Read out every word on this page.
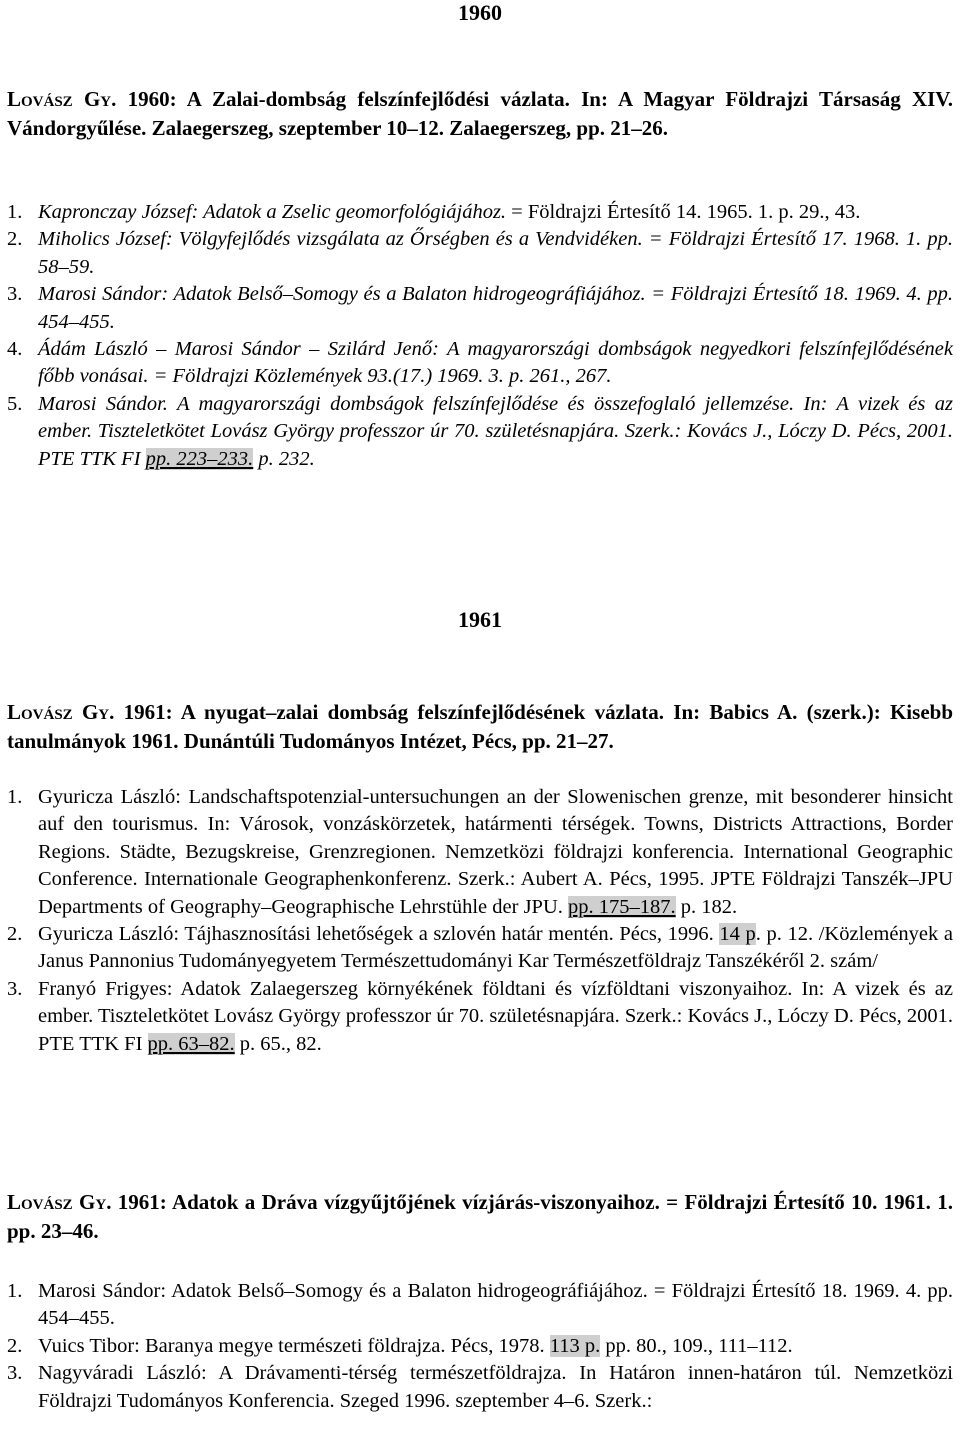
1960

Lovász Gy. 1960: A Zalai-dombság felszínfejlődési vázlata. In: A Magyar Földrajzi Társaság XIV. Vándorgyűlése. Zalaegerszeg, szeptember 10–12. Zalaegerszeg, pp. 21–26.

1. Kapronczay József: Adatok a Zselic geomorfológiájához. = Földrajzi Értesítő 14. 1965. 1. p. 29., 43.
2. Miholics József: Völgyfejlődés vizsgálata az Őrségben és a Vendvidéken. = Földrajzi Értesítő 17. 1968. 1. pp. 58–59.
3. Marosi Sándor: Adatok Belső–Somogy és a Balaton hidrogeográfiájához. = Földrajzi Értesítő 18. 1969. 4. pp. 454–455.
4. Ádám László – Marosi Sándor – Szilárd Jenő: A magyarországi dombságok negyedkori felszínfejlődésének főbb vonásai. = Földrajzi Közlemények 93.(17.) 1969. 3. p. 261., 267.
5. Marosi Sándor. A magyarországi dombságok felszínfejlődése és összefoglaló jellemzése. In: A vizek és az ember. Tiszteletkötet Lovász György professzor úr 70. születésnapjára. Szerk.: Kovács J., Lóczy D. Pécs, 2001. PTE TTK FI pp. 223–233. p. 232.
1961

Lovász Gy. 1961: A nyugat–zalai dombság felszínfejlődésének vázlata. In: Babics A. (szerk.): Kisebb tanulmányok 1961. Dunántúli Tudományos Intézet, Pécs, pp. 21–27.

1. Gyuricza László: Landschaftspotenzial-untersuchungen an der Slowenischen grenze, mit besonderer hinsicht auf den tourismus. In: Városok, vonzáskörzetek, határmenti térségek. Towns, Districts Attractions, Border Regions. Städte, Bezugskreise, Grenzregionen. Nemzetközi földrajzi konferencia. International Geographic Conference. Internationale Geographenkonferenz. Szerk.: Aubert A. Pécs, 1995. JPTE Földrajzi Tanszék–JPU Departments of Geography–Geographische Lehrstühle der JPU. pp. 175–187. p. 182.
2. Gyuricza László: Tájhasznosítási lehetőségek a szlovén határ mentén. Pécs, 1996. 14 p. p. 12. /Közlemények a Janus Pannonius Tudományegyetem Természettudományi Kar Természetföldrajz Tanszékéről 2. szám/
3. Franyó Frigyes: Adatok Zalaegerszeg környékének földtani és vízföldtani viszonyaihoz. In: A vizek és az ember. Tiszteletkötet Lovász György professzor úr 70. születésnapjára. Szerk.: Kovács J., Lóczy D. Pécs, 2001. PTE TTK FI pp. 63–82. p. 65., 82.

Lovász Gy. 1961: Adatok a Dráva vízgyűjtőjének vízjárás-viszonyaihoz. = Földrajzi Értesítő 10. 1961. 1. pp. 23–46.

1. Marosi Sándor: Adatok Belső–Somogy és a Balaton hidrogeográfiájához. = Földrajzi Értesítő 18. 1969. 4. pp. 454–455.
2. Vuics Tibor: Baranya megye természeti földrajza. Pécs, 1978. 113 p. pp. 80., 109., 111–112.
3. Nagyváradi László: A Drávamenti-térség természetföldrajza. In Határon innen-határon túl. Nemzetközi Földrajzi Tudományos Konferencia. Szeged 1996. szeptember 4–6. Szerk.:
